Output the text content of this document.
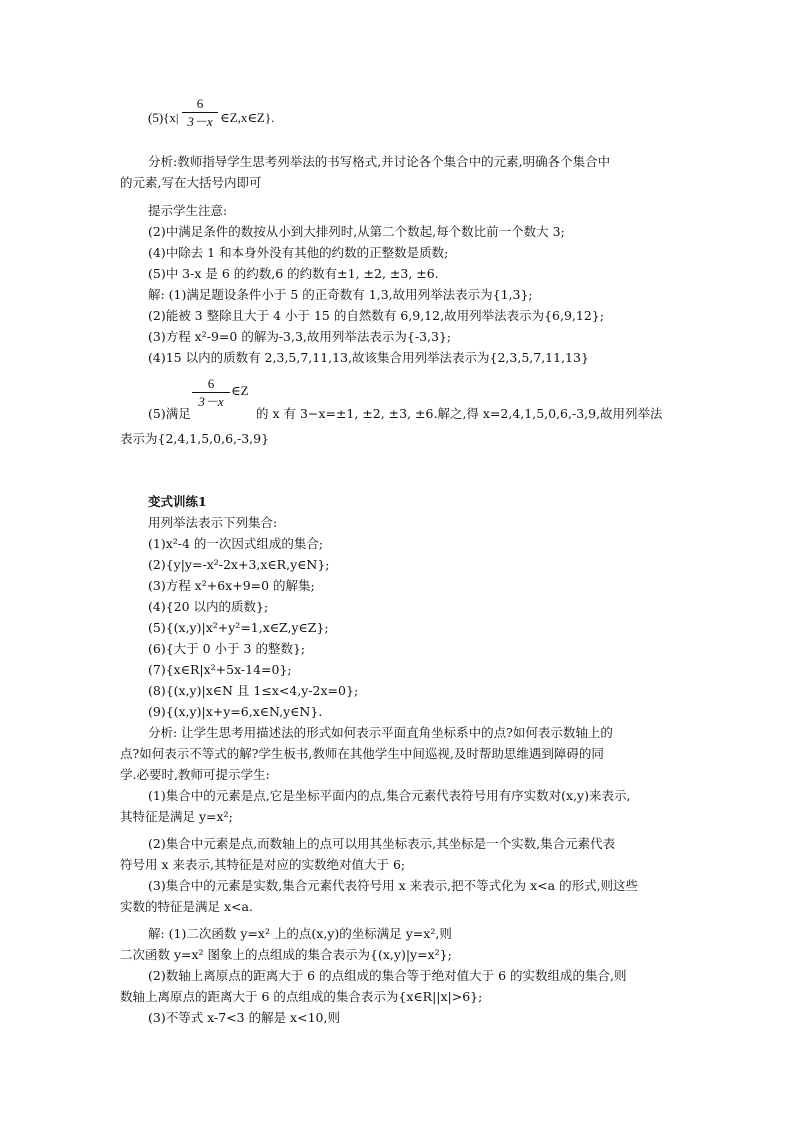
(5){x|
6
3－x ∈Z,x∈Z}.
分析:教师指导学生思考列举法的书写格式,并讨论各个集合中的元素,明确各个集合中
的元素,写在大括号内即可
提示学生注意:
(2)中满足条件的数按从小到大排列时,从第二个数起,每个数比前一个数大 3;
(4)中除去 1 和本身外没有其他的约数的正整数是质数;
(5)中 3-x 是 6 的约数,6 的约数有±1, ±2, ±3, ±6.
解: (1)满足题设条件小于 5 的正奇数有 1,3,故用列举法表示为{1,3};
(2)能被 3 整除且大于 4 小于 15 的自然数有 6,9,12,故用列举法表示为{6,9,12};
(3)方程 x²-9=0 的解为-3,3,故用列举法表示为{-3,3};
(4)15 以内的质数有 2,3,5,7,11,13,故该集合用列举法表示为{2,3,5,7,11,13}
6
3－x
∈Z
(5)满足	的 x 有 3−x=±1, ±2, ±3, ±6.解之,得 x=2,4,1,5,0,6,-3,9,故用列举法
表示为{2,4,1,5,0,6,-3,9}
变式训练1
用列举法表示下列集合:
(1)x²-4 的一次因式组成的集合;
(2){y|y=-x²-2x+3,x∈R,y∈N};
(3)方程 x²+6x+9=0 的解集;
(4){20 以内的质数};
(5){(x,y)|x²+y²=1,x∈Z,y∈Z};
(6){大于 0 小于 3 的整数};
(7){x∈R|x²+5x-14=0};
(8){(x,y)|x∈N 且 1≤x<4,y-2x=0};
(9){(x,y)|x+y=6,x∈N,y∈N}.
分析: 让学生思考用描述法的形式如何表示平面直角坐标系中的点?如何表示数轴上的
点?如何表示不等式的解?学生板书,教师在其他学生中间巡视,及时帮助思维遇到障碍的同
学.必要时,教师可提示学生:
(1)集合中的元素是点,它是坐标平面内的点,集合元素代表符号用有序实数对(x,y)来表示,
其特征是满足 y=x²;
(2)集合中元素是点,而数轴上的点可以用其坐标表示,其坐标是一个实数,集合元素代表
符号用 x 来表示,其特征是对应的实数绝对值大于 6;
(3)集合中的元素是实数,集合元素代表符号用 x 来表示,把不等式化为 x<a 的形式,则这些
实数的特征是满足 x<a.
解: (1)二次函数 y=x² 上的点(x,y)的坐标满足 y=x²,则
二次函数 y=x² 图象上的点组成的集合表示为{(x,y)|y=x²};
(2)数轴上离原点的距离大于 6 的点组成的集合等于绝对值大于 6 的实数组成的集合,则
数轴上离原点的距离大于 6 的点组成的集合表示为{x∈R||x|>6};
(3)不等式 x-7<3 的解是 x<10,则
